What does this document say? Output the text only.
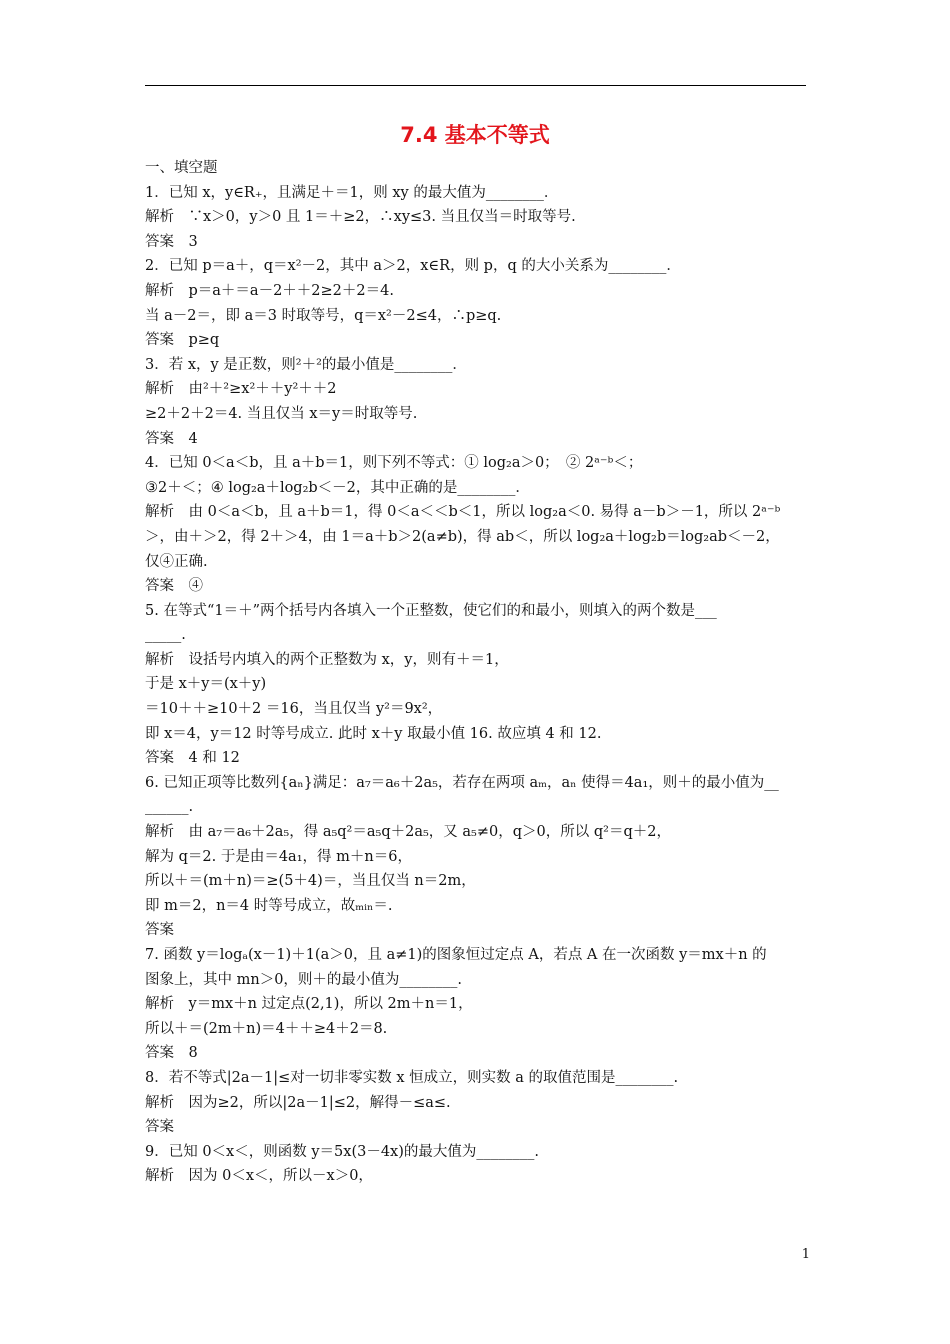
7.4 基本不等式
一、填空题
1．已知 x，y∈R₊，且满足＋＝1，则 xy 的最大值为________．
解析　∵x＞0，y＞0 且 1＝＋≥2，∴xy≤3. 当且仅当＝时取等号.
答案　3
2．已知 p＝a＋，q＝x²－2，其中 a＞2，x∈R，则 p，q 的大小关系为________．
解析　p＝a＋＝a－2＋＋2≥2＋2＝4.
当 a－2＝，即 a＝3 时取等号，q＝x²－2≤4，∴p≥q.
答案　p≥q
3．若 x，y 是正数，则²＋²的最小值是________．
解析　由²＋²≥x²＋＋y²＋＋2
≥2＋2＋2＝4. 当且仅当 x＝y＝时取等号.
答案　4
4．已知 0＜a＜b，且 a＋b＝1，则下列不等式：① log₂a＞0；　② 2ᵃ⁻ᵇ＜；
③2＋＜；④ log₂a＋log₂b＜－2，其中正确的是________．
解析　由 0＜a＜b，且 a＋b＝1，得 0＜a＜＜b＜1，所以 log₂a＜0. 易得 a－b＞－1，所以 2ᵃ⁻ᵇ
＞，由＋＞2，得 2＋＞4，由 1＝a＋b＞2(a≠b)，得 ab＜，所以 log₂a＋log₂b＝log₂ab＜－2，
仅④正确.
答案　④
5. 在等式“1＝＋”两个括号内各填入一个正整数，使它们的和最小，则填入的两个数是___
_____.
解析　设括号内填入的两个正整数为 x，y，则有＋＝1，
于是 x＋y＝(x＋y)
＝10＋＋≥10＋2 ＝16，当且仅当 y²＝9x²，
即 x＝4，y＝12 时等号成立. 此时 x＋y 取最小值 16. 故应填 4 和 12.
答案　4 和 12
6. 已知正项等比数列{aₙ}满足：a₇＝a₆＋2a₅，若存在两项 aₘ，aₙ 使得＝4a₁，则＋的最小值为__
______.
解析　由 a₇＝a₆＋2a₅，得 a₅q²＝a₅q＋2a₅，又 a₅≠0，q＞0，所以 q²＝q＋2，
解为 q＝2. 于是由＝4a₁，得 m＋n＝6，
所以＋＝(m＋n)＝≥(5＋4)＝，当且仅当 n＝2m，
即 m＝2，n＝4 时等号成立，故ₘᵢₙ＝.
答案
7. 函数 y＝logₐ(x－1)＋1(a＞0，且 a≠1)的图象恒过定点 A，若点 A 在一次函数 y＝mx＋n 的
图象上，其中 mn＞0，则＋的最小值为________.
解析　y＝mx＋n 过定点(2,1)，所以 2m＋n＝1，
所以＋＝(2m＋n)＝4＋＋≥4＋2＝8.
答案　8
8．若不等式|2a－1|≤对一切非零实数 x 恒成立，则实数 a 的取值范围是________.
解析　因为≥2，所以|2a－1|≤2，解得－≤a≤.
答案
9．已知 0＜x＜，则函数 y＝5x(3－4x)的最大值为________.
解析　因为 0＜x＜，所以－x＞0，
1
